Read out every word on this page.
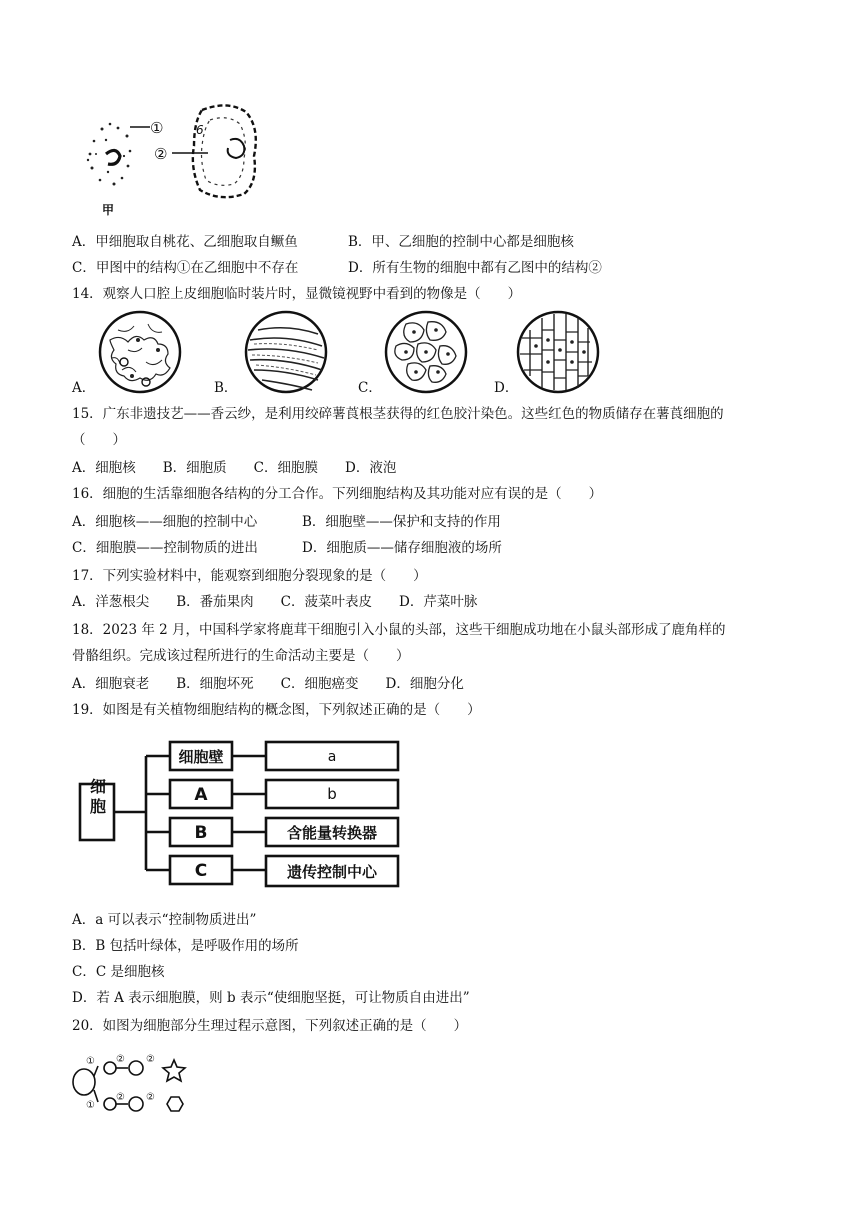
甲
①
②
6
A．甲细胞取自桃花、乙细胞取自鳜鱼	B．甲、乙细胞的控制中心都是细胞核
C．甲图中的结构①在乙细胞中不存在	D．所有生物的细胞中都有乙图中的结构②
14．观察人口腔上皮细胞临时装片时，显微镜视野中看到的物像是（　　）
A．	B．	C．	D．
15．广东非遗技艺——香云纱，是利用绞碎薯莨根茎获得的红色胶汁染色。这些红色的物质储存在薯莨细胞的
（　　）
A．细胞核　　B．细胞质　　C．细胞膜　　D．液泡
16．细胞的生活靠细胞各结构的分工合作。下列细胞结构及其功能对应有误的是（　　）
A．细胞核——细胞的控制中心	B．细胞壁——保护和支持的作用
C．细胞膜——控制物质的进出	D．细胞质——储存细胞液的场所
17．下列实验材料中，能观察到细胞分裂现象的是（　　）
A．洋葱根尖　　B．番茄果肉　　C．菠菜叶表皮　　D．芹菜叶脉
18．2023 年 2 月，中国科学家将鹿茸干细胞引入小鼠的头部，这些干细胞成功地在小鼠头部形成了鹿角样的
骨骼组织。完成该过程所进行的生命活动主要是（　　）
A．细胞衰老　　B．细胞坏死　　C．细胞癌变　　D．细胞分化
19．如图是有关植物细胞结构的概念图，下列叙述正确的是（　　）
细胞
细胞壁
A
B
C
a
b
含能量转换器
遗传控制中心
A．a 可以表示“控制物质进出”
B．B 包括叶绿体，是呼吸作用的场所
C．C 是细胞核
D．若 A 表示细胞膜，则 b 表示“使细胞坚挺，可让物质自由进出”
20．如图为细胞部分生理过程示意图，下列叙述正确的是（　　）
① ② ②
①
② ②
